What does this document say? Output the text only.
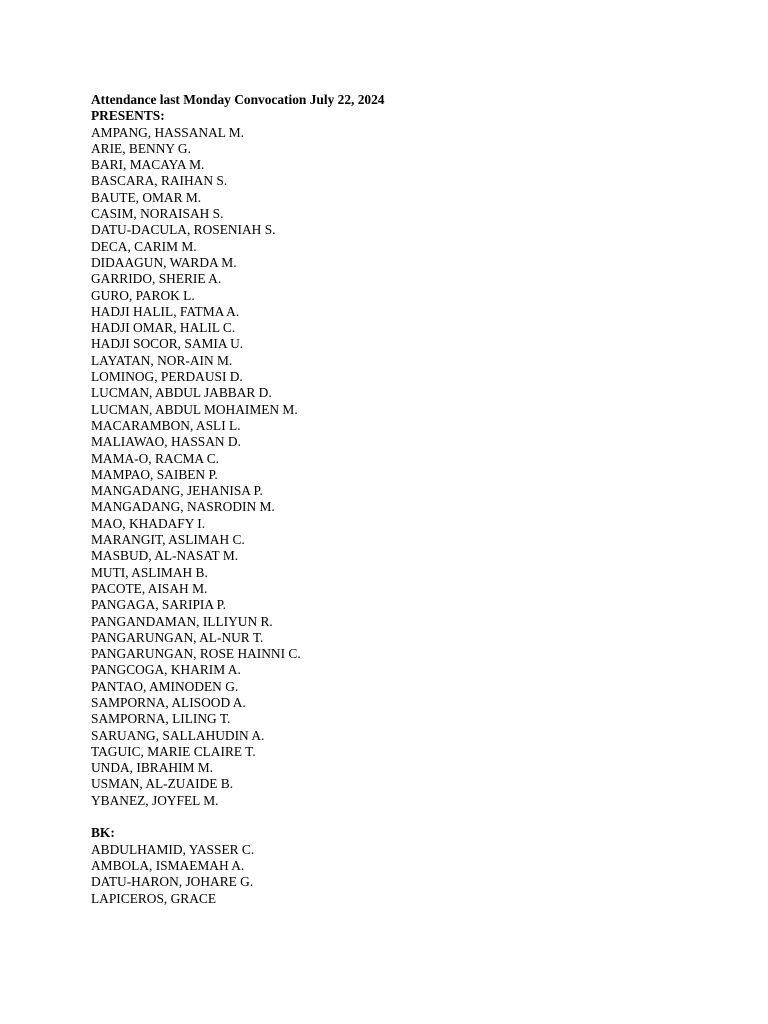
Attendance last Monday Convocation July 22, 2024
PRESENTS:
AMPANG, HASSANAL M.
ARIE, BENNY G.
BARI, MACAYA M.
BASCARA, RAIHAN S.
BAUTE, OMAR M.
CASIM, NORAISAH S.
DATU-DACULA, ROSENIAH S.
DECA, CARIM M.
DIDAAGUN, WARDA M.
GARRIDO, SHERIE A.
GURO, PAROK L.
HADJI HALIL, FATMA A.
HADJI OMAR, HALIL C.
HADJI SOCOR, SAMIA U.
LAYATAN, NOR-AIN M.
LOMINOG, PERDAUSI D.
LUCMAN, ABDUL JABBAR D.
LUCMAN, ABDUL MOHAIMEN M.
MACARAMBON, ASLI L.
MALIAWAO, HASSAN D.
MAMA-O, RACMA C.
MAMPAO, SAIBEN P.
MANGADANG, JEHANISA P.
MANGADANG, NASRODIN M.
MAO, KHADAFY I.
MARANGIT, ASLIMAH C.
MASBUD, AL-NASAT M.
MUTI, ASLIMAH B.
PACOTE, AISAH M.
PANGAGA, SARIPIA P.
PANGANDAMAN, ILLIYUN R.
PANGARUNGAN, AL-NUR T.
PANGARUNGAN, ROSE HAINNI C.
PANGCOGA, KHARIM A.
PANTAO, AMINODEN G.
SAMPORNA, ALISOOD A.
SAMPORNA, LILING T.
SARUANG, SALLAHUDIN A.
TAGUIC, MARIE CLAIRE T.
UNDA, IBRAHIM M.
USMAN, AL-ZUAIDE B.
YBANEZ, JOYFEL M.
BK:
ABDULHAMID, YASSER C.
AMBOLA, ISMAEMAH A.
DATU-HARON, JOHARE G.
LAPICEROS, GRACE
